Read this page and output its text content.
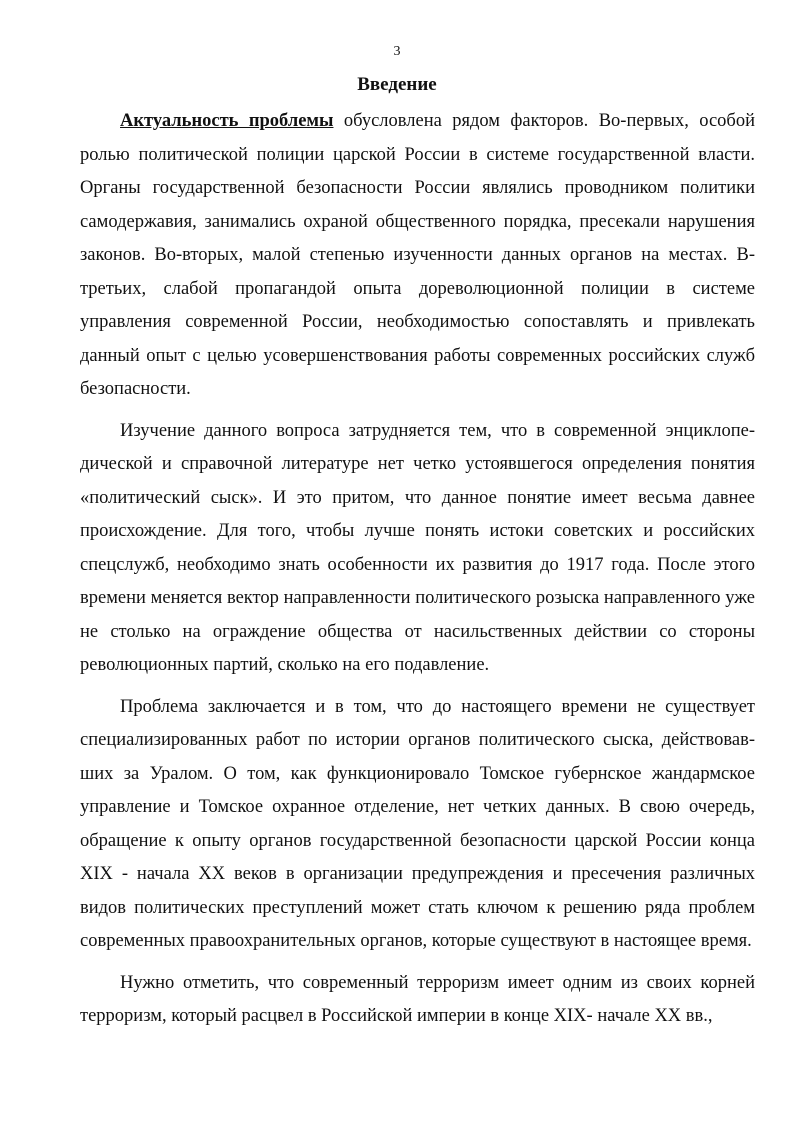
3
Введение

Актуальность проблемы обусловлена рядом факторов. Во-первых, особой ролью политической полиции царской России в системе государственной власти. Органы государственной безопасности России являлись проводником политики самодержавия, занимались охраной общественного порядка, пресекали нарушения законов. Во-вторых, малой степенью изученности данных органов на местах. В-третьих, слабой пропагандой опыта дореволюционной полиции в системе управления современной России, необходимостью сопоставлять и привлекать данный опыт с целью усовершенствования работы современных российских служб безопасности.

Изучение данного вопроса затрудняется тем, что в современной энциклопедической и справочной литературе нет четко устоявшегося определения понятия «политический сыск». И это притом, что данное понятие имеет весьма давнее происхождение. Для того, чтобы лучше понять истоки советских и российских спецслужб, необходимо знать особенности их развития до 1917 года. После этого времени меняется вектор направленности политического розыска направленного уже не столько на ограждение общества от насильственных действии со стороны революционных партий, сколько на его подавление.

Проблема заключается и в том, что до настоящего времени не существует специализированных работ по истории органов политического сыска, действовавших за Уралом. О том, как функционировало Томское губернское жандармское управление и Томское охранное отделение, нет четких данных. В свою очередь, обращение к опыту органов государственной безопасности царской России конца XIX - начала XX веков в организации предупреждения и пресечения различных видов политических преступлений может стать ключом к решению ряда проблем современных правоохранительных органов, которые существуют в настоящее время.

Нужно отметить, что современный терроризм имеет одним из своих корней терроризм, который расцвел в Российской империи в конце XIX- начале XX вв.,
